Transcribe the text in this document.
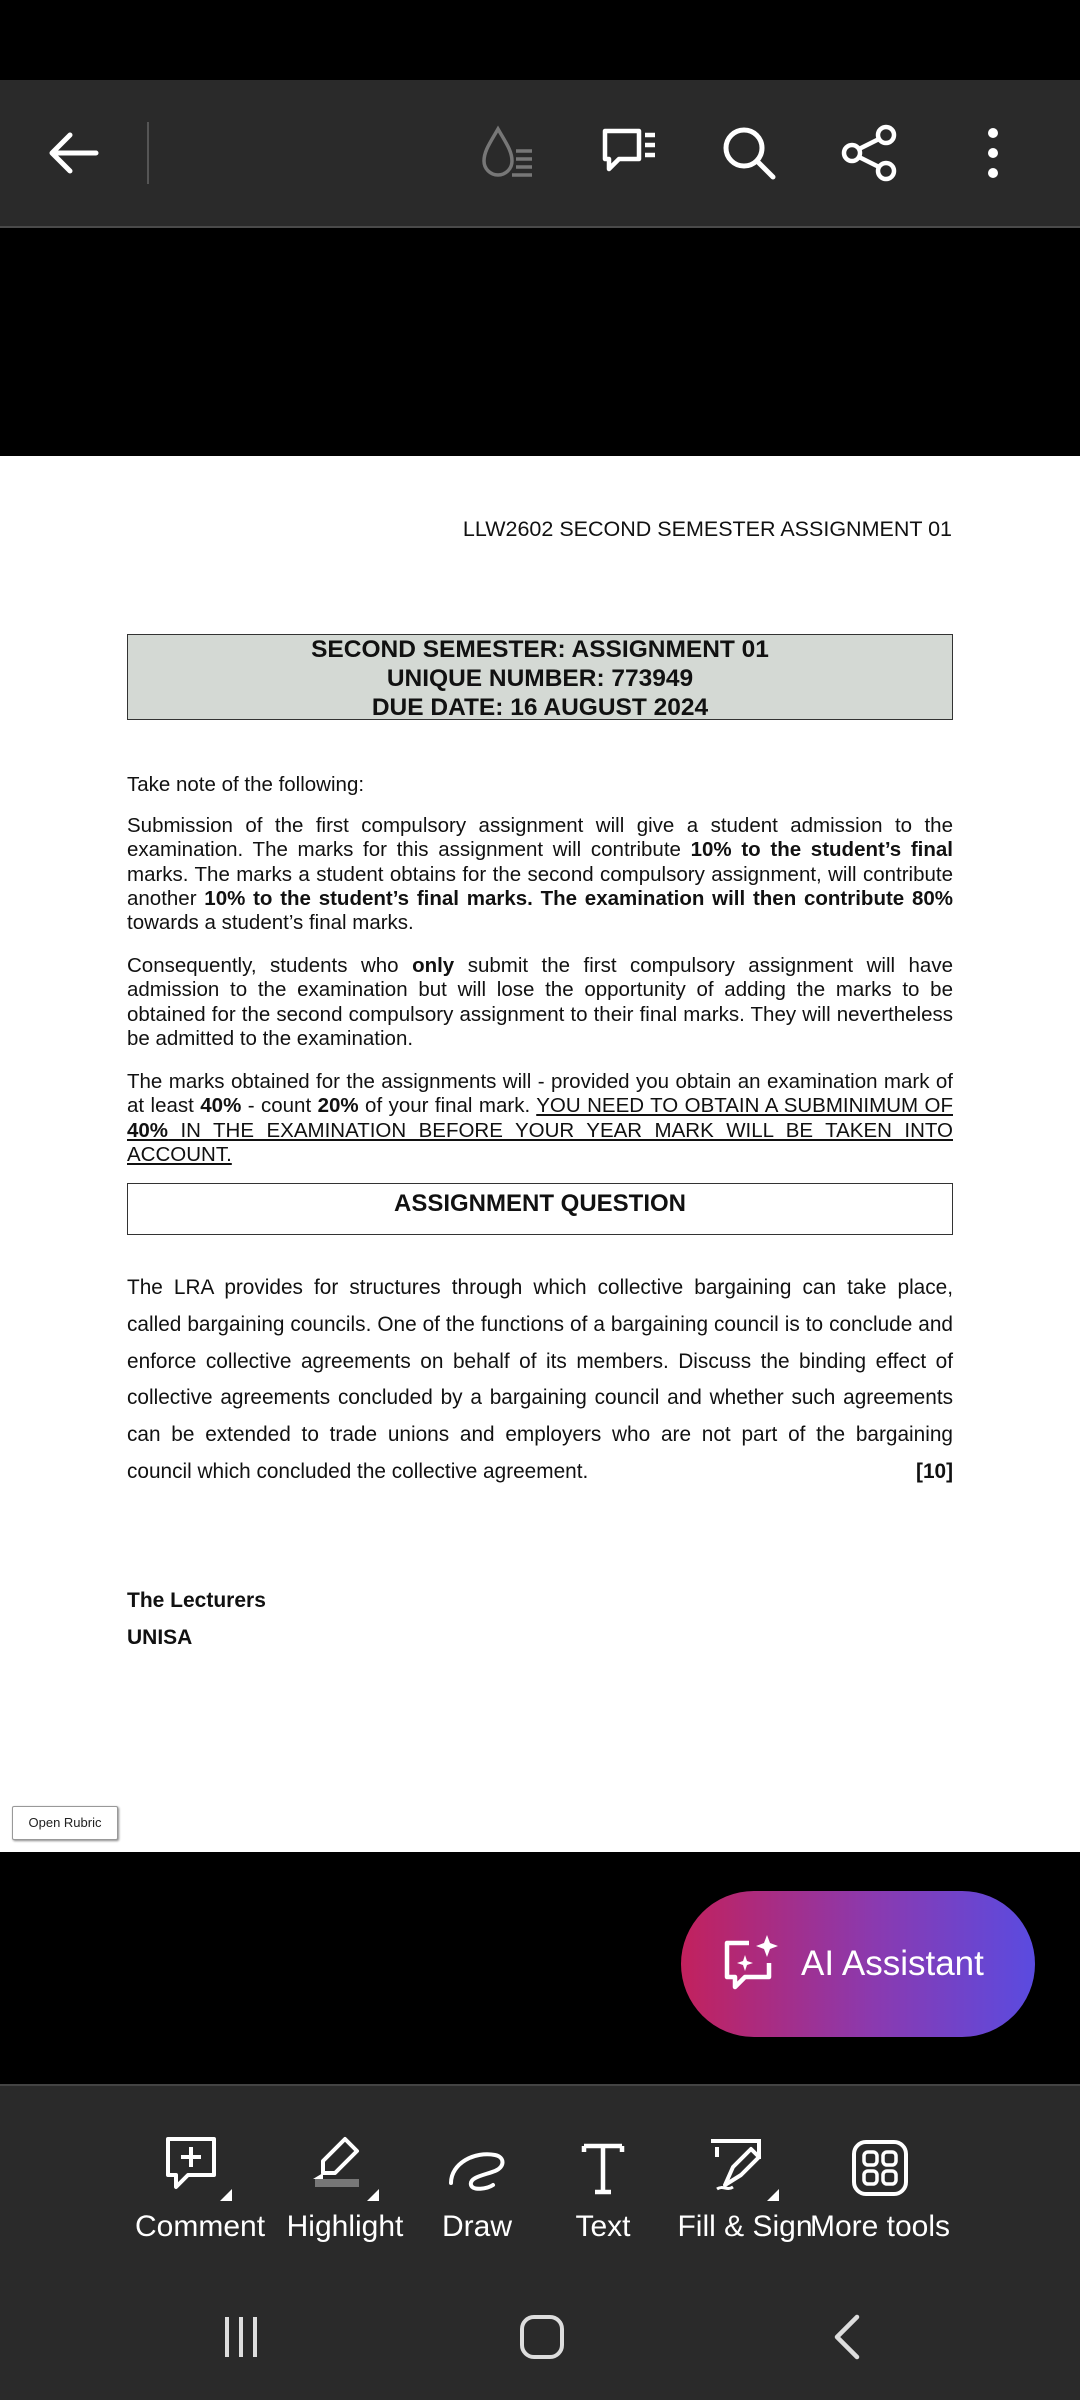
LLW2602 SECOND SEMESTER ASSIGNMENT 01
SECOND SEMESTER: ASSIGNMENT 01
UNIQUE NUMBER: 773949
DUE DATE: 16 AUGUST 2024
Take note of the following:
Submission of the first compulsory assignment will give a student admission to the examination. The marks for this assignment will contribute 10% to the student’s final marks. The marks a student obtains for the second compulsory assignment, will contribute another 10% to the student’s final marks. The examination will then contribute 80% towards a student’s final marks.
Consequently, students who only submit the first compulsory assignment will have admission to the examination but will lose the opportunity of adding the marks to be obtained for the second compulsory assignment to their final marks. They will nevertheless be admitted to the examination.
The marks obtained for the assignments will - provided you obtain an examination mark of at least 40% - count 20% of your final mark. YOU NEED TO OBTAIN A SUBMINIMUM OF 40% IN THE EXAMINATION BEFORE YOUR YEAR MARK WILL BE TAKEN INTO ACCOUNT.
ASSIGNMENT QUESTION
The LRA provides for structures through which collective bargaining can take place, called bargaining councils. One of the functions of a bargaining council is to conclude and enforce collective agreements on behalf of its members. Discuss the binding effect of collective agreements concluded by a bargaining council and whether such agreements can be extended to trade unions and employers who are not part of the bargaining council which concluded the collective agreement.	[10]
The Lecturers
UNISA
Open Rubric
AI Assistant
Comment Highlight	Draw	Text	Fill & Sign
More tools
